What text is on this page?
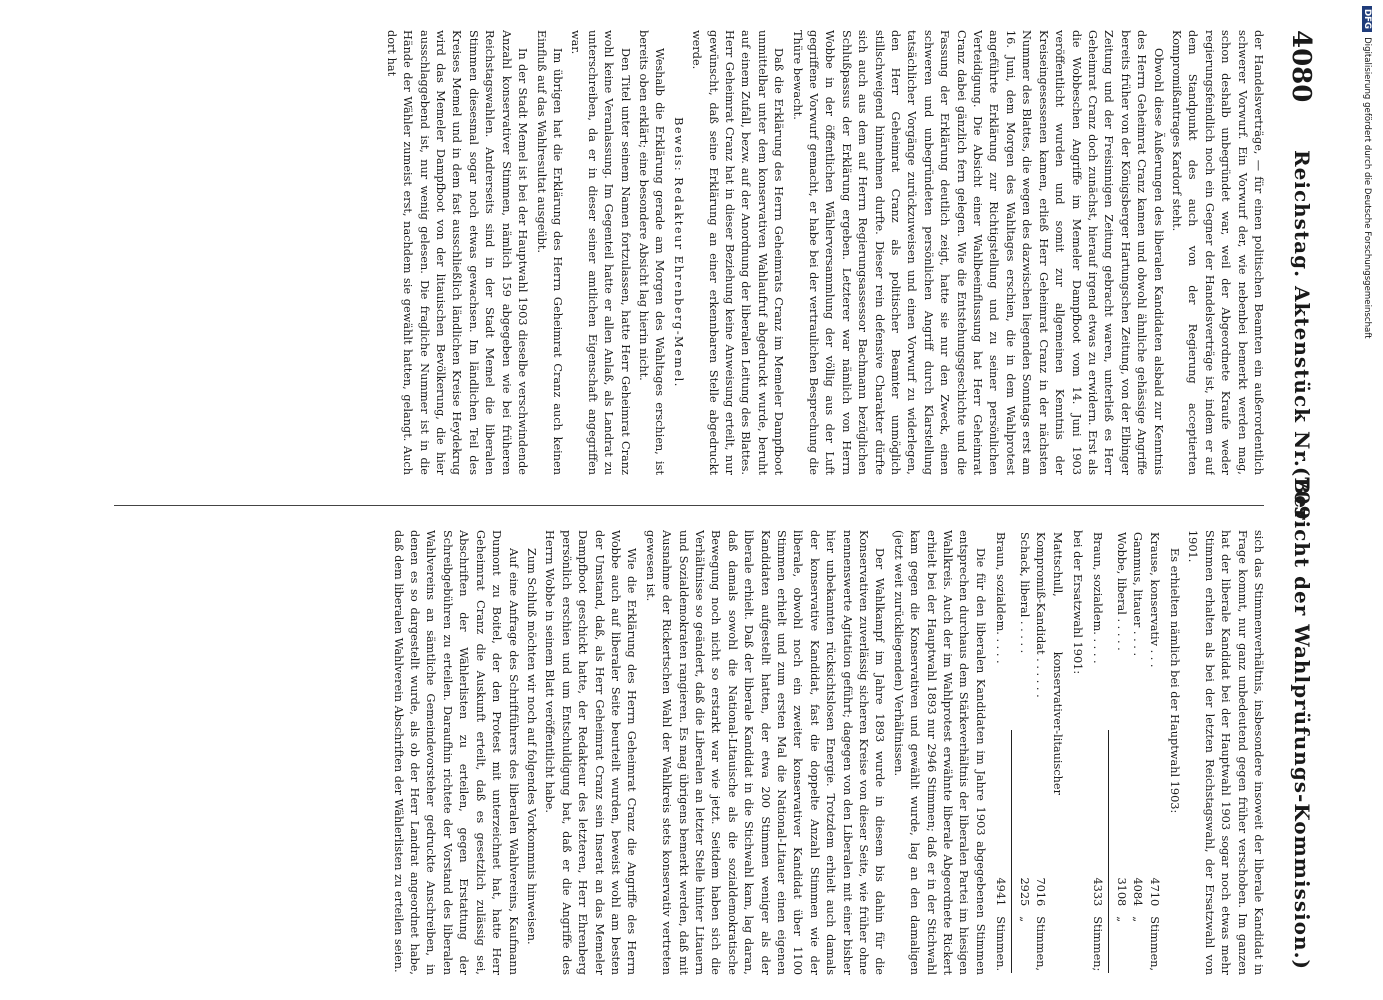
4080
Reichstag. Aktenstück Nr. 709.
(Bericht der Wahlprüfungs-Kommission.)

der Handelsverträge, — für einen politischen Beamten ein außerordentlich schwerer Vorwurf. Ein Vorwurf der, wie nebenbei bemerkt werden mag, schon deshalb unbegründet war, weil der Abgeordnete Kraufe weder regierungsfeindlich noch ein Gegner der Handelsverträge ist, indem er auf dem Standpunkt des auch von der Regierung acceptierten Kompromißantrages Kardorf steht.

Obwohl diese Äußerungen des liberalen Kandidaten alsbald zur Kenntnis des Herrn Geheimrat Cranz kamen und obwohl ähnliche gehässige Angriffe bereits früher von der Königsberger Hartungschen Zeitung, von der Elbinger Zeitung und der Freisinnigen Zeitung gebracht waren, unterließ es Herr Geheimrat Cranz doch zunächst, hierauf irgend etwas zu erwidern. Erst als die Wobbeschen Angriffe im Memeler Dampfboot vom 14. Juni 1903 veröffentlicht wurden und somit zur allgemeinen Kenntnis der Kreiseingesessenen kamen, erließ Herr Geheimrat Cranz in der nächsten Nummer des Blattes, die wegen des dazwischen liegenden Sonntags erst am 16. Juni, dem Morgen des Wahltages erschien, die in dem Wahlprotest angeführte Erklärung zur Richtigstellung und zu seiner persönlichen Verteidigung. Die Absicht einer Wahlbeeinflussung hat Herr Geheimrat Cranz dabei gänzlich fern gelegen. Wie die Entstehungsgeschichte und die Fassung der Erklärung deutlich zeigt, hatte sie nur den Zweck, einen schweren und unbegründeten persönlichen Angriff durch Klarstellung tatsächlicher Vorgänge zurückzuweisen und einen Vorwurf zu widerlegen, den Herr Geheimrat Cranz als politischer Beamter unmöglich stillschweigend hinnehmen durfte. Dieser rein defensive Charakter dürfte sich auch aus dem auf Herrn Regierungsassessor Bachmann bezüglichen Schlußpassus der Erklärung ergeben. Letzterer war nämlich von Herrn Wobbe in der öffentlichen Wählerversammlung der völlig aus der Luft gegriffene Vorwurf gemacht, er habe bei der vertraulichen Besprechung die Thüre bewacht.

Daß die Erklärung des Herrn Geheimrats Cranz im Memeler Dampfboot unmittelbar unter dem konservativen Wahlaufruf abgedruckt wurde, beruht auf einem Zufall, bezw. auf der Anordnung der liberalen Leitung des Blattes. Herr Geheimrat Cranz hat in dieser Beziehung keine Anweisung erteilt, nur gewünscht, daß seine Erklärung an einer erkennbaren Stelle abgedruckt werde.

Beweis: Redakteur Ehrenberg-Memel.

Weshalb die Erklärung gerade am Morgen des Wahltages erschien, ist bereits oben erklärt; eine besondere Absicht lag hierin nicht.

Den Titel unter seinem Namen fortzulassen, hatte Herr Geheimrat Cranz wohl keine Veranlassung. Im Gegenteil hatte er allen Anlaß, als Landrat zu unterschreiben, da er in dieser seiner amtlichen Eigenschaft angegriffen war.

Im übrigen hat die Erklärung des Herrn Geheimrat Cranz auch keinen Einfluß auf das Wahlresultat ausgeübt.

In der Stadt Memel ist bei der Hauptwahl 1903 dieselbe verschwindende Anzahl konservativer Stimmen, nämlich 159 abgegeben wie bei früheren Reichstagswahlen. Andrerseits sind in der Stadt Memel die liberalen Stimmen diesesmal sogar noch etwas gewachsen. Im ländlichen Teil des Kreises Memel und in dem fast ausschließlich ländlichen Kreise Heydekrug wird das Memeler Dampfboot von der litauischen Bevölkerung, die hier ausschlaggebend ist, nur wenig gelesen. Die fragliche Nummer ist in die Hände der Wähler zumeist erst, nachdem sie gewählt hatten, gelangt. Auch dort hat

sich das Stimmenverhältnis, insbesondere insoweit der liberale Kandidat in Frage kommt, nur ganz unbedeutend gegen früher verschoben. Im ganzen hat der liberale Kandidat bei der Hauptwahl 1903 sogar noch etwas mehr Stimmen erhalten als bei der letzten Reichstagswahl, der Ersatzwahl von 1901.

Es erhielten nämlich bei der Hauptwahl 1903:

Krause, konservativ . . .	4710	Stimmen,
Gammus, litauer . . . .	4084	„
Wobbe, liberal . . . . .	3108	„

Braun, sozialdem. . . . .	4333	Stimmen;

bei der Ersatzwahl 1901:

Mattschull, konservativer-litauischer Kompromiß-Kandidat . . . . . .	7016	Stimmen,
Schack, liberal . . . . .	2925	„

Braun, sozialdem. . . . .	4941	Stimmen.

Die für den liberalen Kandidaten im Jahre 1903 abgegebenen Stimmen entsprechen durchaus dem Stärkeverhältnis der liberalen Partei im hiesigen Wahlkreis. Auch der im Wahlprotest erwähnte liberale Abgeordnete Rickert erhielt bei der Hauptwahl 1893 nur 2946 Stimmen; daß er in der Stichwahl kam gegen die Konservativen und gewählt wurde, lag an den damaligen (jetzt weit zurückliegenden) Verhältnissen.

Der Wahlkampf im Jahre 1893 wurde in diesem bis dahin für die Konservativen zuverlässig sicheren Kreise von dieser Seite, wie früher ohne nennenswerte Agitation geführt; dagegen von den Liberalen mit einer bisher hier unbekannten rücksichtslosen Energie. Trotzdem erhielt auch damals der konservative Kandidat, fast die doppelte Anzahl Stimmen wie der liberale, obwohl noch ein zweiter konservativer Kandidat über 1100 Stimmen erhielt und zum ersten Mal die National-Litauer einen eigenen Kandidaten aufgestellt hatten, der etwa 200 Stimmen weniger als der liberale erhielt. Daß der liberale Kandidat in die Stichwahl kam, lag daran, daß damals sowohl die National-Litauische als die sozialdemokratische Bewegung noch nicht so erstarkt war wie jetzt. Seitdem haben sich die Verhältnisse so geändert, daß die Liberalen an letzter Stelle hinter Litauern und Sozialdemokraten rangieren. Es mag übrigens bemerkt werden, daß mit Ausnahme der Rickertschen Wahl der Wahlkreis stets konservativ vertreten gewesen ist.

Wie die Erklärung des Herrn Geheimrat Cranz die Angriffe des Herrn Wobbe auch auf liberaler Seite beurteilt wurden, beweist wohl am besten der Umstand, daß, als Herr Geheimrat Cranz sein Inserat an das Memeler Dampfboot geschickt hatte, der Redakteur des letzteren, Herr Ehrenberg persönlich erschien und um Entschuldigung bat, daß er die Angriffe des Herrn Wobbe in seinem Blatt veröffentlicht habe.

Zum Schluß möchten wir noch auf folgendes Vorkommnis hinweisen.

Auf eine Anfrage des Schriftführers des liberalen Wahlvereins, Kaufmann Dumont zu Boitel, der den Protest mit unterzeichnet hat, hatte Herr Geheimrat Cranz die Auskunft erteilt, daß es gesetzlich zulässig sei, Abschriften der Wählerlisten zu erteilen, gegen Erstattung der Schreibgebühren zu erteilen. Daraufhin richtete der Vorstand des liberalen Wahlvereins an sämtliche Gemeindevorsteher gedruckte Anschreiben, in denen es so dargestellt wurde, als ob der Herr Landrat angeordnet habe, daß dem liberalen Wahlverein Abschriften der Wählerlisten zu erteilen seien.

DFGDigitalisierung gefördert durch die Deutsche Forschungsgemeinschaft
